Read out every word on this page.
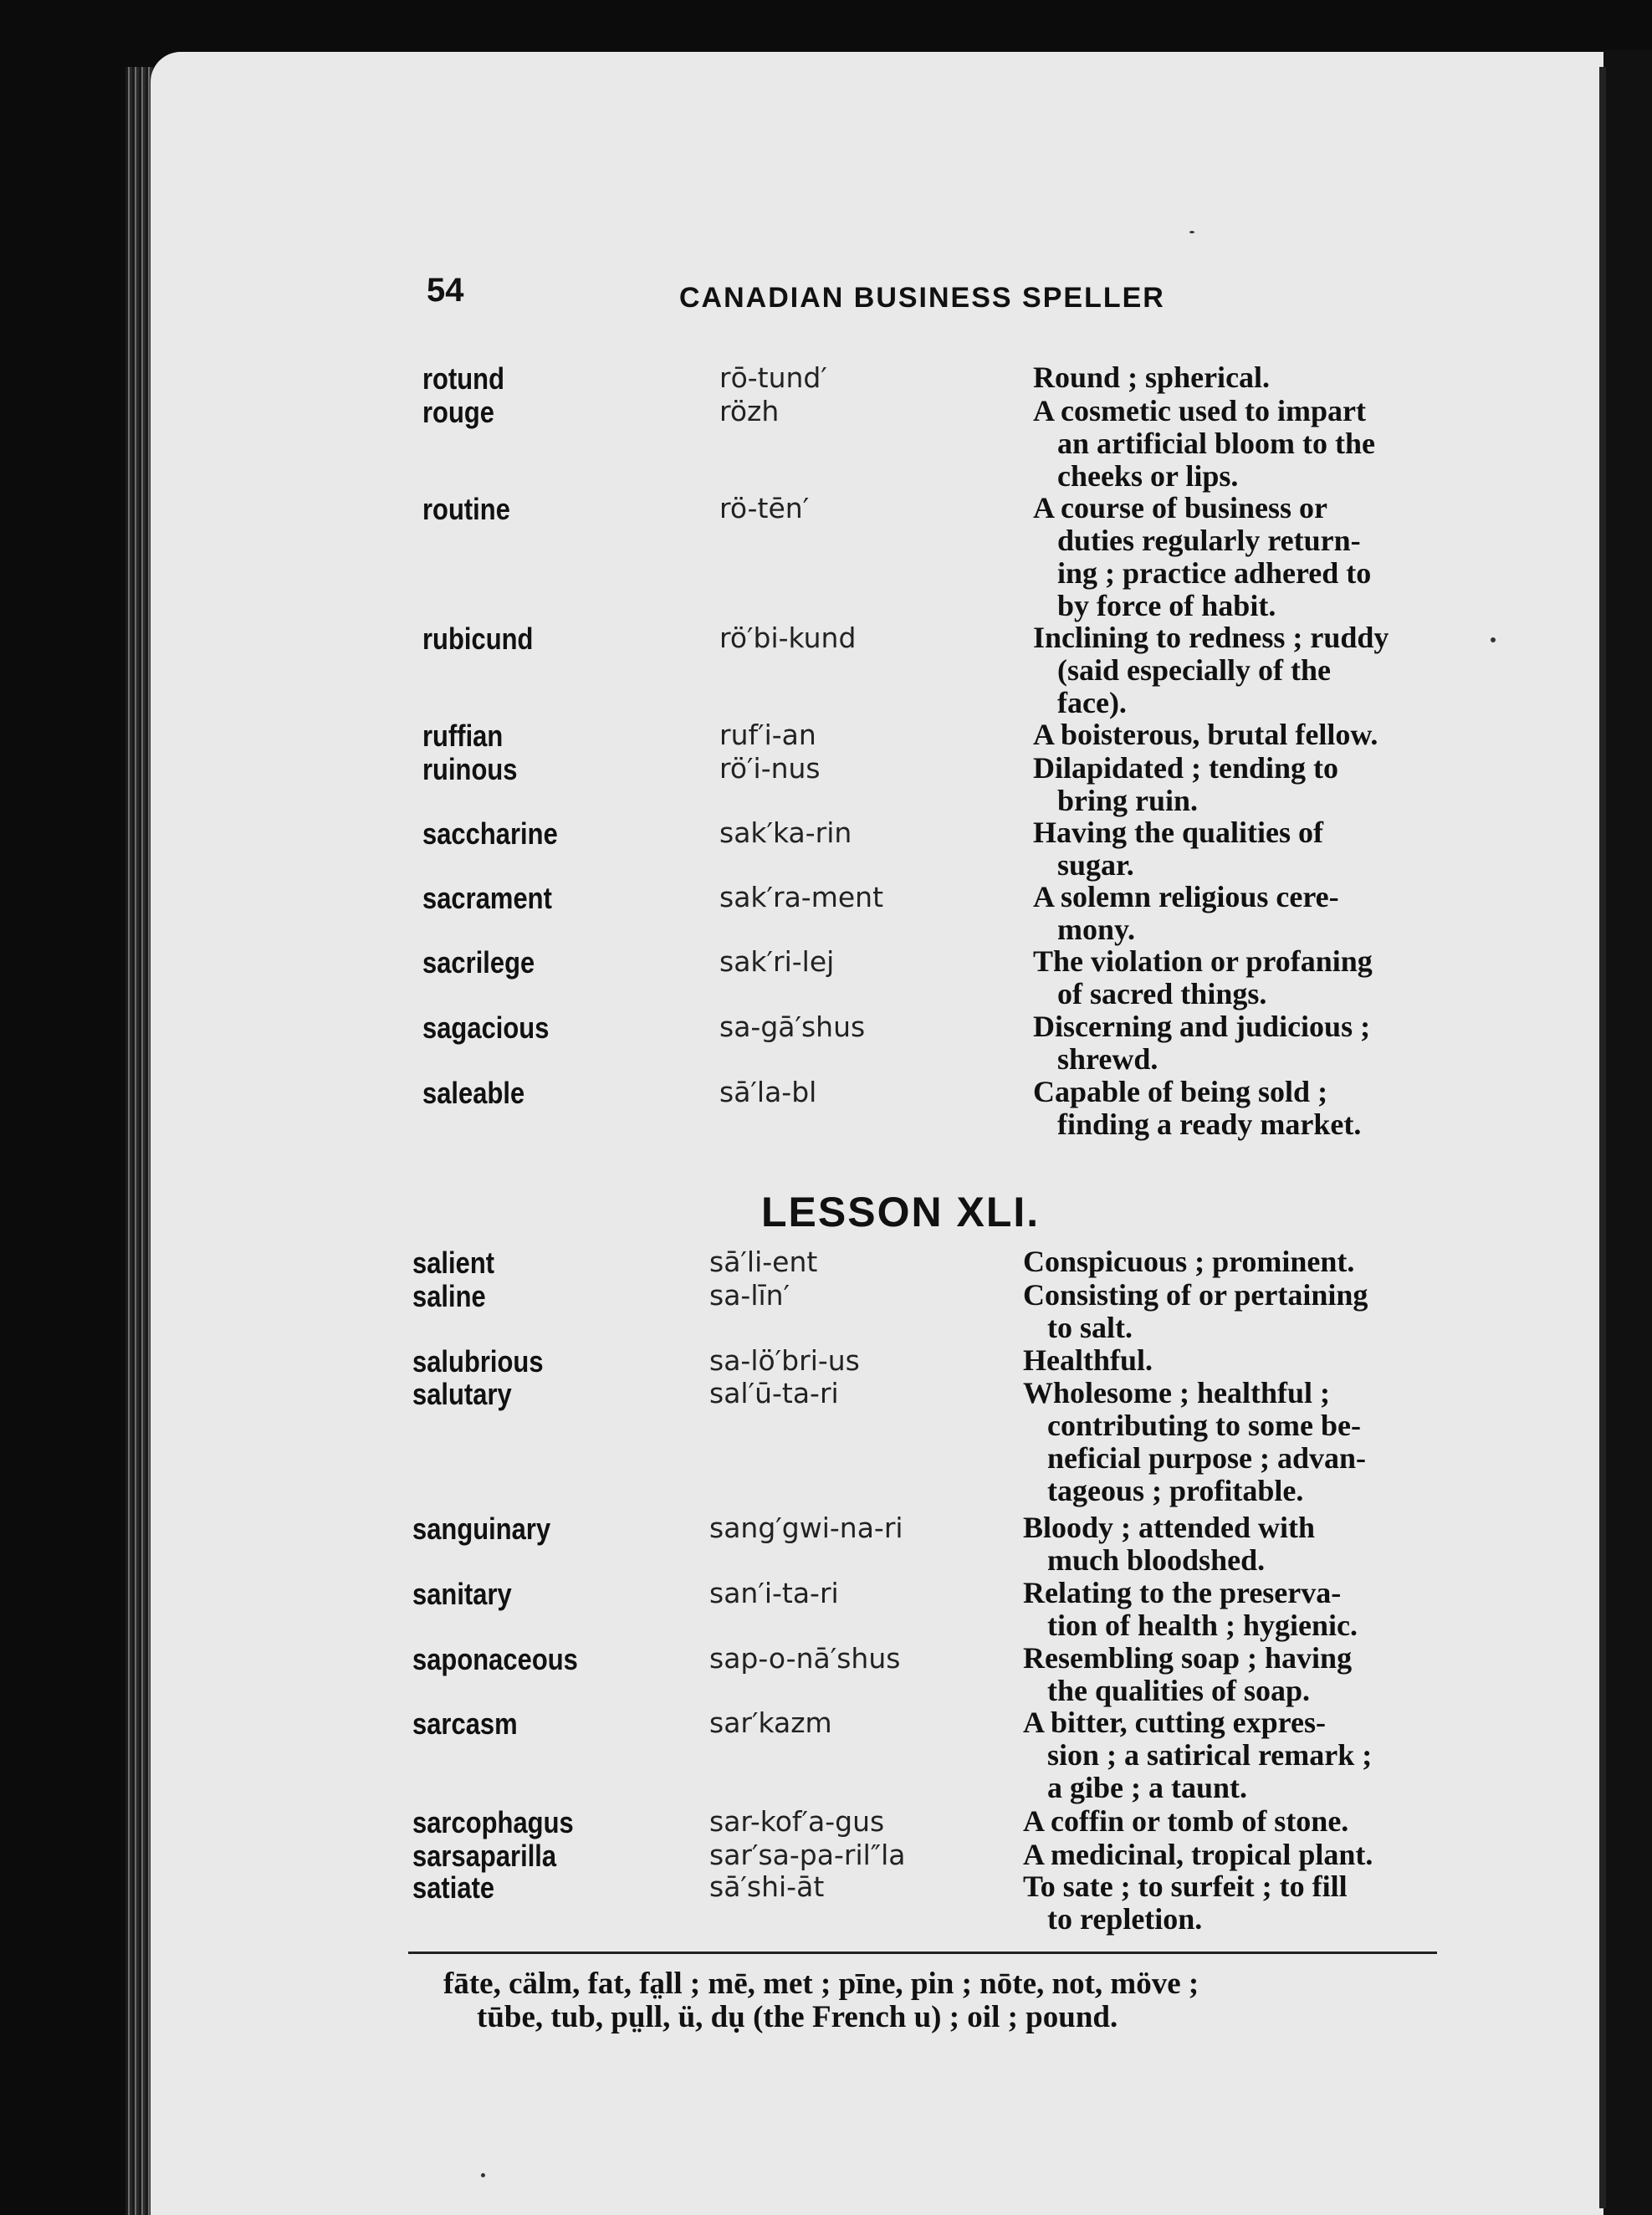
54	CANADIAN BUSINESS SPELLER
rotund	rō-tund′	Round ; spherical.
rouge	rözh	A cosmetic used to impart
an artificial bloom to the
cheeks or lips.
routine	rö-tēn′	A course of business or
duties regularly return-
ing ; practice adhered to
by force of habit.
rubicund	rö′bi-kund	Inclining to redness ; ruddy
(said especially of the
face).
ruffian	ruf′i-an	A boisterous, brutal fellow.
ruinous	rö′i-nus	Dilapidated ; tending to
bring ruin.
saccharine	sak′ka-rin	Having the qualities of
sugar.
sacrament	sak′ra-ment	A solemn religious cere-
mony.
sacrilege	sak′ri-lej	The violation or profaning
of sacred things.
sagacious	sa-gā′shus	Discerning and judicious ;
shrewd.
saleable	sā′la-bl	Capable of being sold ;
finding a ready market.
salient	sā′li-ent	Conspicuous ; prominent.
saline	sa-līn′	Consisting of or pertaining
to salt.
salubrious	sa-lö′bri-us	Healthful.
salutary	sal′ū-ta-ri	Wholesome ; healthful ;
contributing to some be-
neficial purpose ; advan-
tageous ; profitable.
sanguinary	sang′gwi-na-ri	Bloody ; attended with
much bloodshed.
sanitary	san′i-ta-ri	Relating to the preserva-
tion of health ; hygienic.
saponaceous	sap-o-nā′shus	Resembling soap ; having
the qualities of soap.
sarcasm	sar′kazm	A bitter, cutting expres-
sion ; a satirical remark ;
a gibe ; a taunt.
sarcophagus	sar-kof′a-gus	A coffin or tomb of stone.
sarsaparilla	sar′sa-pa-ril″la	A medicinal, tropical plant.
satiate	sā′shi-āt	To sate ; to surfeit ; to fill
to repletion.
LESSON XLI.
fāte, cälm, fat, fa̤ll ; mē, met ; pīne, pin ; nōte, not, möve ;
tūbe, tub, pṳll, ü, dụ (the French u) ; oil ; pound.
